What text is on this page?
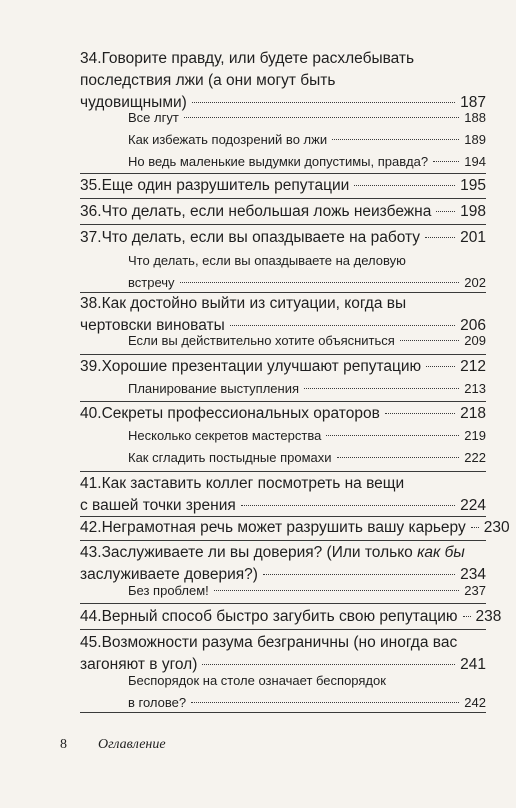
34. Говорите правду, или будете расхлебывать
последствия лжи (а они могут быть
чудовищными)	187
Все лгут	188
Как избежать подозрений во лжи	189
Но ведь маленькие выдумки допустимы, правда?	194
35. Еще один разрушитель репутации	195
36. Что делать, если небольшая ложь неизбежна 198
37. Что делать, если вы опаздываете на работу	201
Что делать, если вы опаздываете на деловую
встречу	202
38. Как достойно выйти из ситуации, когда вы
чертовски виноваты	206
Если вы действительно хотите объясниться	209
39. Хорошие презентации улучшают репутацию	212
Планирование выступления	213
40. Секреты профессиональных ораторов	218
Несколько секретов мастерства	219
Как сгладить постыдные промахи	222
41. Как заставить коллег посмотреть на вещи
с вашей точки зрения	224
42. Неграмотная речь может разрушить вашу карьеру 230
43. Заслуживаете ли вы доверия? (Или только как бы
заслуживаете доверия?)	234
Без проблем!	237
44. Верный способ быстро загубить свою репутацию 238
45. Возможности разума безграничны (но иногда вас
загоняют в угол)	241
Беспорядок на столе означает беспорядок
в голове?	242
8 Оглавление
